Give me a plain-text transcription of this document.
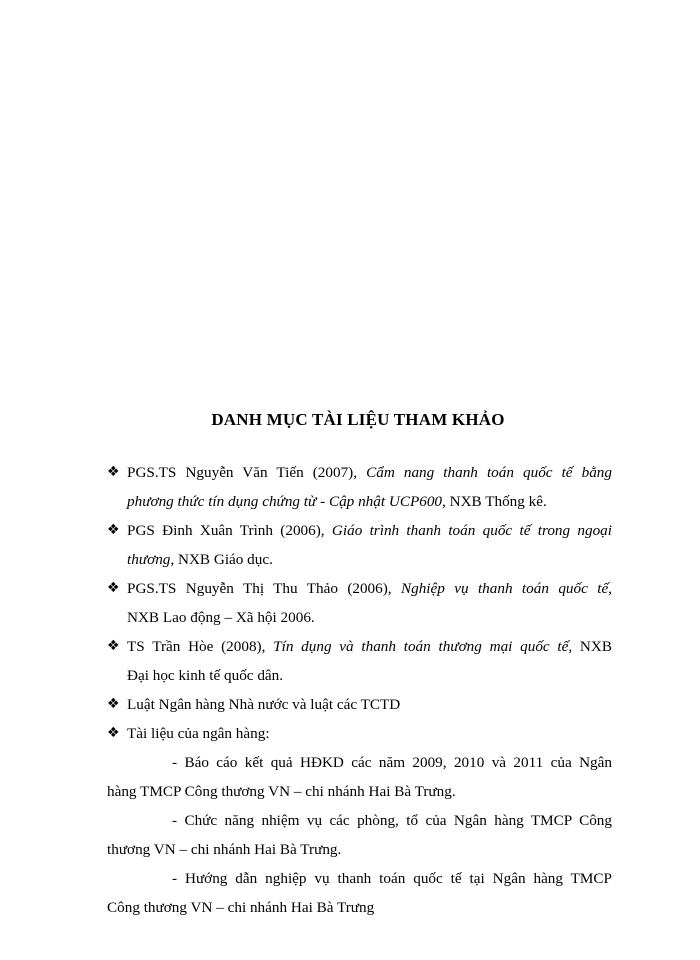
DANH MỤC TÀI LIỆU THAM KHẢO
❖ PGS.TS Nguyễn Văn Tiến (2007), Cẩm nang thanh toán quốc tế bằng
phương thức tín dụng chứng từ - Cập nhật UCP600, NXB Thống kê.
❖ PGS Đinh Xuân Trình (2006), Giáo trình thanh toán quốc tế trong ngoại
thương, NXB Giáo dục.
❖ PGS.TS Nguyễn Thị Thu Thảo (2006), Nghiệp vụ thanh toán quốc tế,
NXB Lao động – Xã hội 2006.
❖ TS Trần Hòe (2008), Tín dụng và thanh toán thương mại quốc tế, NXB
Đại học kinh tế quốc dân.
❖ Luật Ngân hàng Nhà nước và luật các TCTD
❖ Tài liệu của ngân hàng:
- Báo cáo kết quả HĐKD các năm 2009, 2010 và 2011 của Ngân
hàng TMCP Công thương VN – chi nhánh Hai Bà Trưng.
- Chức năng nhiệm vụ các phòng, tổ của Ngân hàng TMCP Công
thương VN – chi nhánh Hai Bà Trưng.
- Hướng dẫn nghiệp vụ thanh toán quốc tế tại Ngân hàng TMCP
Công thương VN – chi nhánh Hai Bà Trưng
